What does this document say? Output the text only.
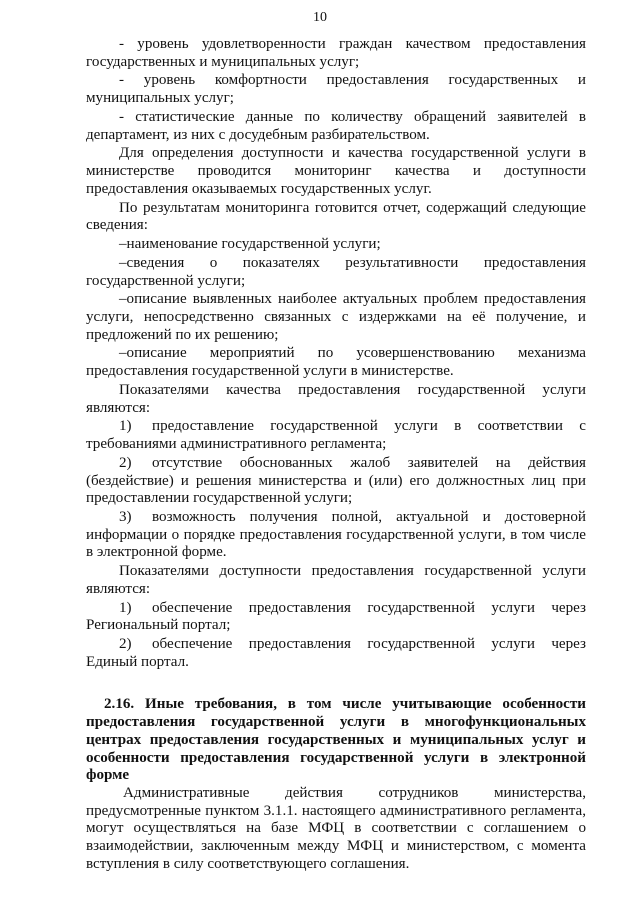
10

- уровень удовлетворенности граждан качеством предоставления государственных и муниципальных услуг;

- уровень комфортности предоставления государственных и муниципальных услуг;

- статистические данные по количеству обращений заявителей в департамент, из них с досудебным разбирательством.

Для определения доступности и качества государственной услуги в министерстве проводится мониторинг качества и доступности предоставления оказываемых государственных услуг.

По результатам мониторинга готовится отчет, содержащий следующие сведения:

–наименование государственной услуги;

–сведения о показателях результативности предоставления государственной услуги;

–описание выявленных наиболее актуальных проблем предоставления услуги, непосредственно связанных с издержками на её получение, и предложений по их решению;

–описание мероприятий по усовершенствованию механизма предоставления государственной услуги в министерстве.

Показателями качества предоставления государственной услуги являются:

1) предоставление государственной услуги в соответствии с требованиями административного регламента;

2) отсутствие обоснованных жалоб заявителей на действия (бездействие) и решения министерства и (или) его должностных лиц при предоставлении государственной услуги;

3) возможность получения полной, актуальной и достоверной информации о порядке предоставления государственной услуги, в том числе в электронной форме.

Показателями доступности предоставления государственной услуги являются:

1) обеспечение предоставления государственной услуги через Региональный портал;

2) обеспечение предоставления государственной услуги через Единый портал.

2.16. Иные требования, в том числе учитывающие особенности предоставления государственной услуги в многофункциональных центрах предоставления государственных и муниципальных услуг и особенности предоставления государственной услуги в электронной форме

Административные действия сотрудников министерства, предусмотренные пунктом 3.1.1. настоящего административного регламента, могут осуществляться на базе МФЦ в соответствии с соглашением о взаимодействии, заключенным между МФЦ и министерством, с момента вступления в силу соответствующего соглашения.
